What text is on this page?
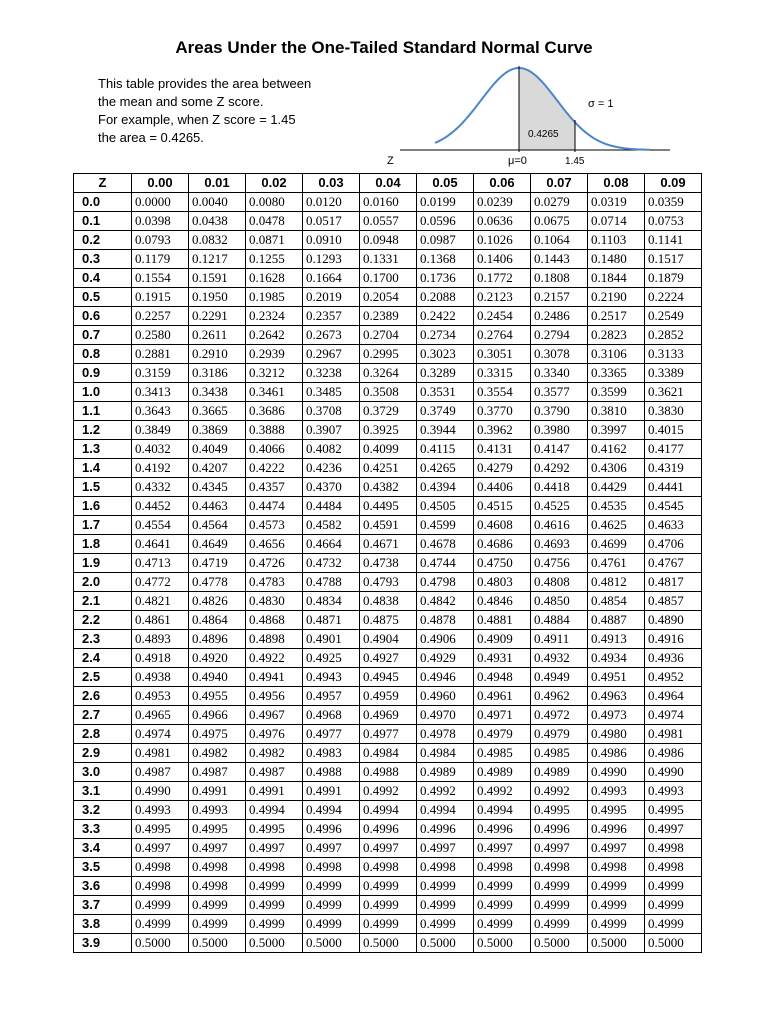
Areas Under the One-Tailed Standard Normal Curve
This table provides the area between
the mean and some Z score.
For example, when Z score = 1.45
the area = 0.4265.	0.4265
σ = 1
Z	μ=0	1.45
Z	0.00	0.01	0.02	0.03	0.04	0.05	0.06	0.07	0.08	0.09
0.0	0.0000	0.0040	0.0080	0.0120	0.0160	0.0199	0.0239	0.0279	0.0319	0.0359
0.1	0.0398	0.0438	0.0478	0.0517	0.0557	0.0596	0.0636	0.0675	0.0714	0.0753
0.2	0.0793	0.0832	0.0871	0.0910	0.0948	0.0987	0.1026	0.1064	0.1103	0.1141
0.3	0.1179	0.1217	0.1255	0.1293	0.1331	0.1368	0.1406	0.1443	0.1480	0.1517
0.4	0.1554	0.1591	0.1628	0.1664	0.1700	0.1736	0.1772	0.1808	0.1844	0.1879
0.5	0.1915	0.1950	0.1985	0.2019	0.2054	0.2088	0.2123	0.2157	0.2190	0.2224
0.6	0.2257	0.2291	0.2324	0.2357	0.2389	0.2422	0.2454	0.2486	0.2517	0.2549
0.7	0.2580	0.2611	0.2642	0.2673	0.2704	0.2734	0.2764	0.2794	0.2823	0.2852
0.8	0.2881	0.2910	0.2939	0.2967	0.2995	0.3023	0.3051	0.3078	0.3106	0.3133
0.9	0.3159	0.3186	0.3212	0.3238	0.3264	0.3289	0.3315	0.3340	0.3365	0.3389
1.0	0.3413	0.3438	0.3461	0.3485	0.3508	0.3531	0.3554	0.3577	0.3599	0.3621
1.1	0.3643	0.3665	0.3686	0.3708	0.3729	0.3749	0.3770	0.3790	0.3810	0.3830
1.2	0.3849	0.3869	0.3888	0.3907	0.3925	0.3944	0.3962	0.3980	0.3997	0.4015
1.3	0.4032	0.4049	0.4066	0.4082	0.4099	0.4115	0.4131	0.4147	0.4162	0.4177
1.4	0.4192	0.4207	0.4222	0.4236	0.4251	0.4265	0.4279	0.4292	0.4306	0.4319
1.5	0.4332	0.4345	0.4357	0.4370	0.4382	0.4394	0.4406	0.4418	0.4429	0.4441
1.6	0.4452	0.4463	0.4474	0.4484	0.4495	0.4505	0.4515	0.4525	0.4535	0.4545
1.7	0.4554	0.4564	0.4573	0.4582	0.4591	0.4599	0.4608	0.4616	0.4625	0.4633
1.8	0.4641	0.4649	0.4656	0.4664	0.4671	0.4678	0.4686	0.4693	0.4699	0.4706
1.9	0.4713	0.4719	0.4726	0.4732	0.4738	0.4744	0.4750	0.4756	0.4761	0.4767
2.0	0.4772	0.4778	0.4783	0.4788	0.4793	0.4798	0.4803	0.4808	0.4812	0.4817
2.1	0.4821	0.4826	0.4830	0.4834	0.4838	0.4842	0.4846	0.4850	0.4854	0.4857
2.2	0.4861	0.4864	0.4868	0.4871	0.4875	0.4878	0.4881	0.4884	0.4887	0.4890
2.3	0.4893	0.4896	0.4898	0.4901	0.4904	0.4906	0.4909	0.4911	0.4913	0.4916
2.4	0.4918	0.4920	0.4922	0.4925	0.4927	0.4929	0.4931	0.4932	0.4934	0.4936
2.5	0.4938	0.4940	0.4941	0.4943	0.4945	0.4946	0.4948	0.4949	0.4951	0.4952
2.6	0.4953	0.4955	0.4956	0.4957	0.4959	0.4960	0.4961	0.4962	0.4963	0.4964
2.7	0.4965	0.4966	0.4967	0.4968	0.4969	0.4970	0.4971	0.4972	0.4973	0.4974
2.8	0.4974	0.4975	0.4976	0.4977	0.4977	0.4978	0.4979	0.4979	0.4980	0.4981
2.9	0.4981	0.4982	0.4982	0.4983	0.4984	0.4984	0.4985	0.4985	0.4986	0.4986
3.0	0.4987	0.4987	0.4987	0.4988	0.4988	0.4989	0.4989	0.4989	0.4990	0.4990
3.1	0.4990	0.4991	0.4991	0.4991	0.4992	0.4992	0.4992	0.4992	0.4993	0.4993
3.2	0.4993	0.4993	0.4994	0.4994	0.4994	0.4994	0.4994	0.4995	0.4995	0.4995
3.3	0.4995	0.4995	0.4995	0.4996	0.4996	0.4996	0.4996	0.4996	0.4996	0.4997
3.4	0.4997	0.4997	0.4997	0.4997	0.4997	0.4997	0.4997	0.4997	0.4997	0.4998
3.5	0.4998	0.4998	0.4998	0.4998	0.4998	0.4998	0.4998	0.4998	0.4998	0.4998
3.6	0.4998	0.4998	0.4999	0.4999	0.4999	0.4999	0.4999	0.4999	0.4999	0.4999
3.7	0.4999	0.4999	0.4999	0.4999	0.4999	0.4999	0.4999	0.4999	0.4999	0.4999
3.8	0.4999	0.4999	0.4999	0.4999	0.4999	0.4999	0.4999	0.4999	0.4999	0.4999
3.9	0.5000	0.5000	0.5000	0.5000	0.5000	0.5000	0.5000	0.5000	0.5000	0.5000
